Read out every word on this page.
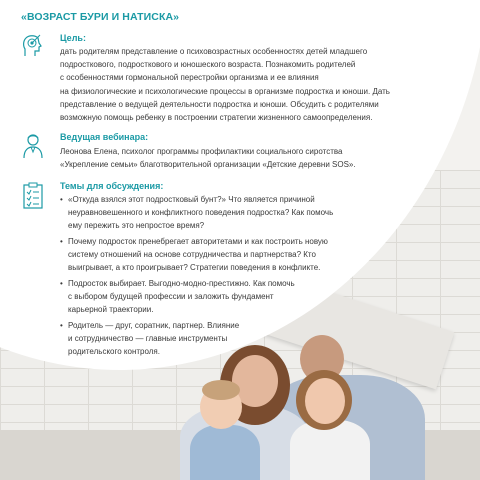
«ВОЗРАСТ БУРИ И НАТИСКА»
Цель:
дать родителям представление о психовозрастных особенностях детей младшего
подросткового, подросткового и юношеского возраста. Познакомить родителей
с особенностями гормональной перестройки организма и ее влияния
на физиологические и психологические процессы в организме подростка и юноши. Дать
представление о ведущей деятельности подростка и юноши. Обсудить с родителями
возможную помощь ребенку в построении стратегии жизненного самоопределения.
Ведущая вебинара:
Леонова Елена, психолог программы профилактики социального сиротства
«Укрепление семьи» благотворительной организации «Детские деревни SOS».
Темы для обсуждения:
• «Откуда взялся этот подростковый бунт?» Что является причиной
неуравновешенного и конфликтного поведения подростка? Как помочь
ему пережить это непростое время?
• Почему подросток пренебрегает авторитетами и как построить новую
систему отношений на основе сотрудничества и партнерства? Кто
выигрывает, а кто проигрывает? Стратегии поведения в конфликте.
• Подросток выбирает. Выгодно-модно-престижно. Как помочь
с выбором будущей профессии и заложить фундамент
карьерной траектории.
• Родитель — друг, соратник, партнер. Влияние
и сотрудничество — главные инструменты
родительского контроля.
